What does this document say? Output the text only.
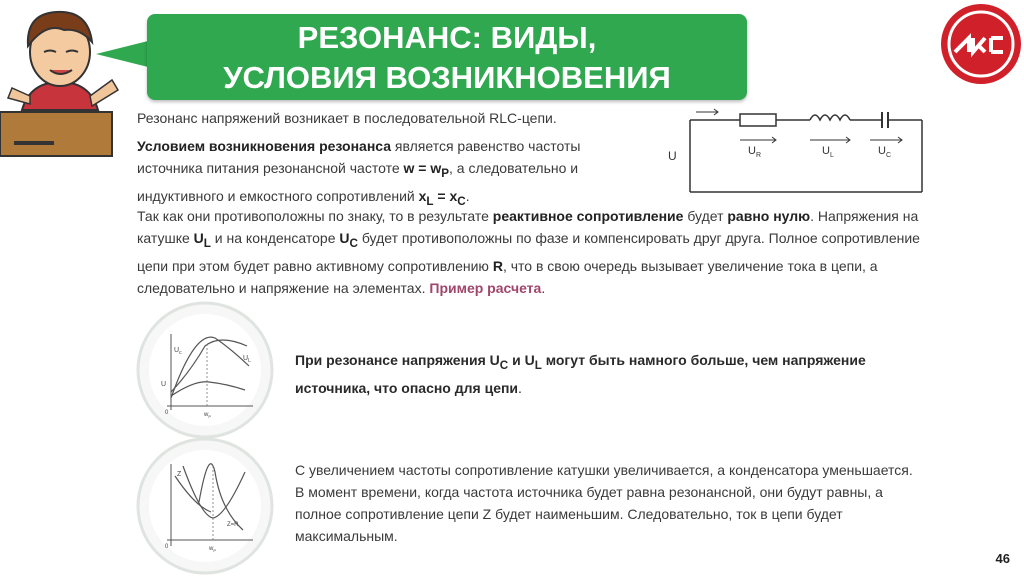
РЕЗОНАНС: ВИДЫ,
УСЛОВИЯ ВОЗНИКНОВЕНИЯ

Резонанс напряжений возникает в последовательной RLC-цепи.

Условием возникновения резонанса является равенство частоты источника питания резонансной частоте $w = w_P$, а следовательно и индуктивного и емкостного сопротивлений $x_L = x_C$.

U	$U_R$	$U_L$	$U_C$

Так как они противоположны по знаку, то в результате реактивное сопротивление будет равно нулю. Напряжения на катушке $U_L$ и на конденсаторе $U_C$ будет противоположны по фазе и компенсировать друг друга. Полное сопротивление цепи при этом будет равно активному сопротивлению R, что в свою очередь вызывает увеличение тока в цепи, а следовательно и напряжение на элементах. Пример расчета.

$U_c$
$U_L$
U
$w_P$
0

При резонансе напряжения $U_C$ и $U_L$ могут быть намного больше, чем напряжение источника, что опасно для цепи.

Z
Z=R
$w_P$
0

С увеличением частоты сопротивление катушки увеличивается, а конденсатора уменьшается. В момент времени, когда частота источника будет равна резонансной, они будут равны, а полное сопротивление цепи Z будет наименьшим. Следовательно, ток в цепи будет максимальным.

46
